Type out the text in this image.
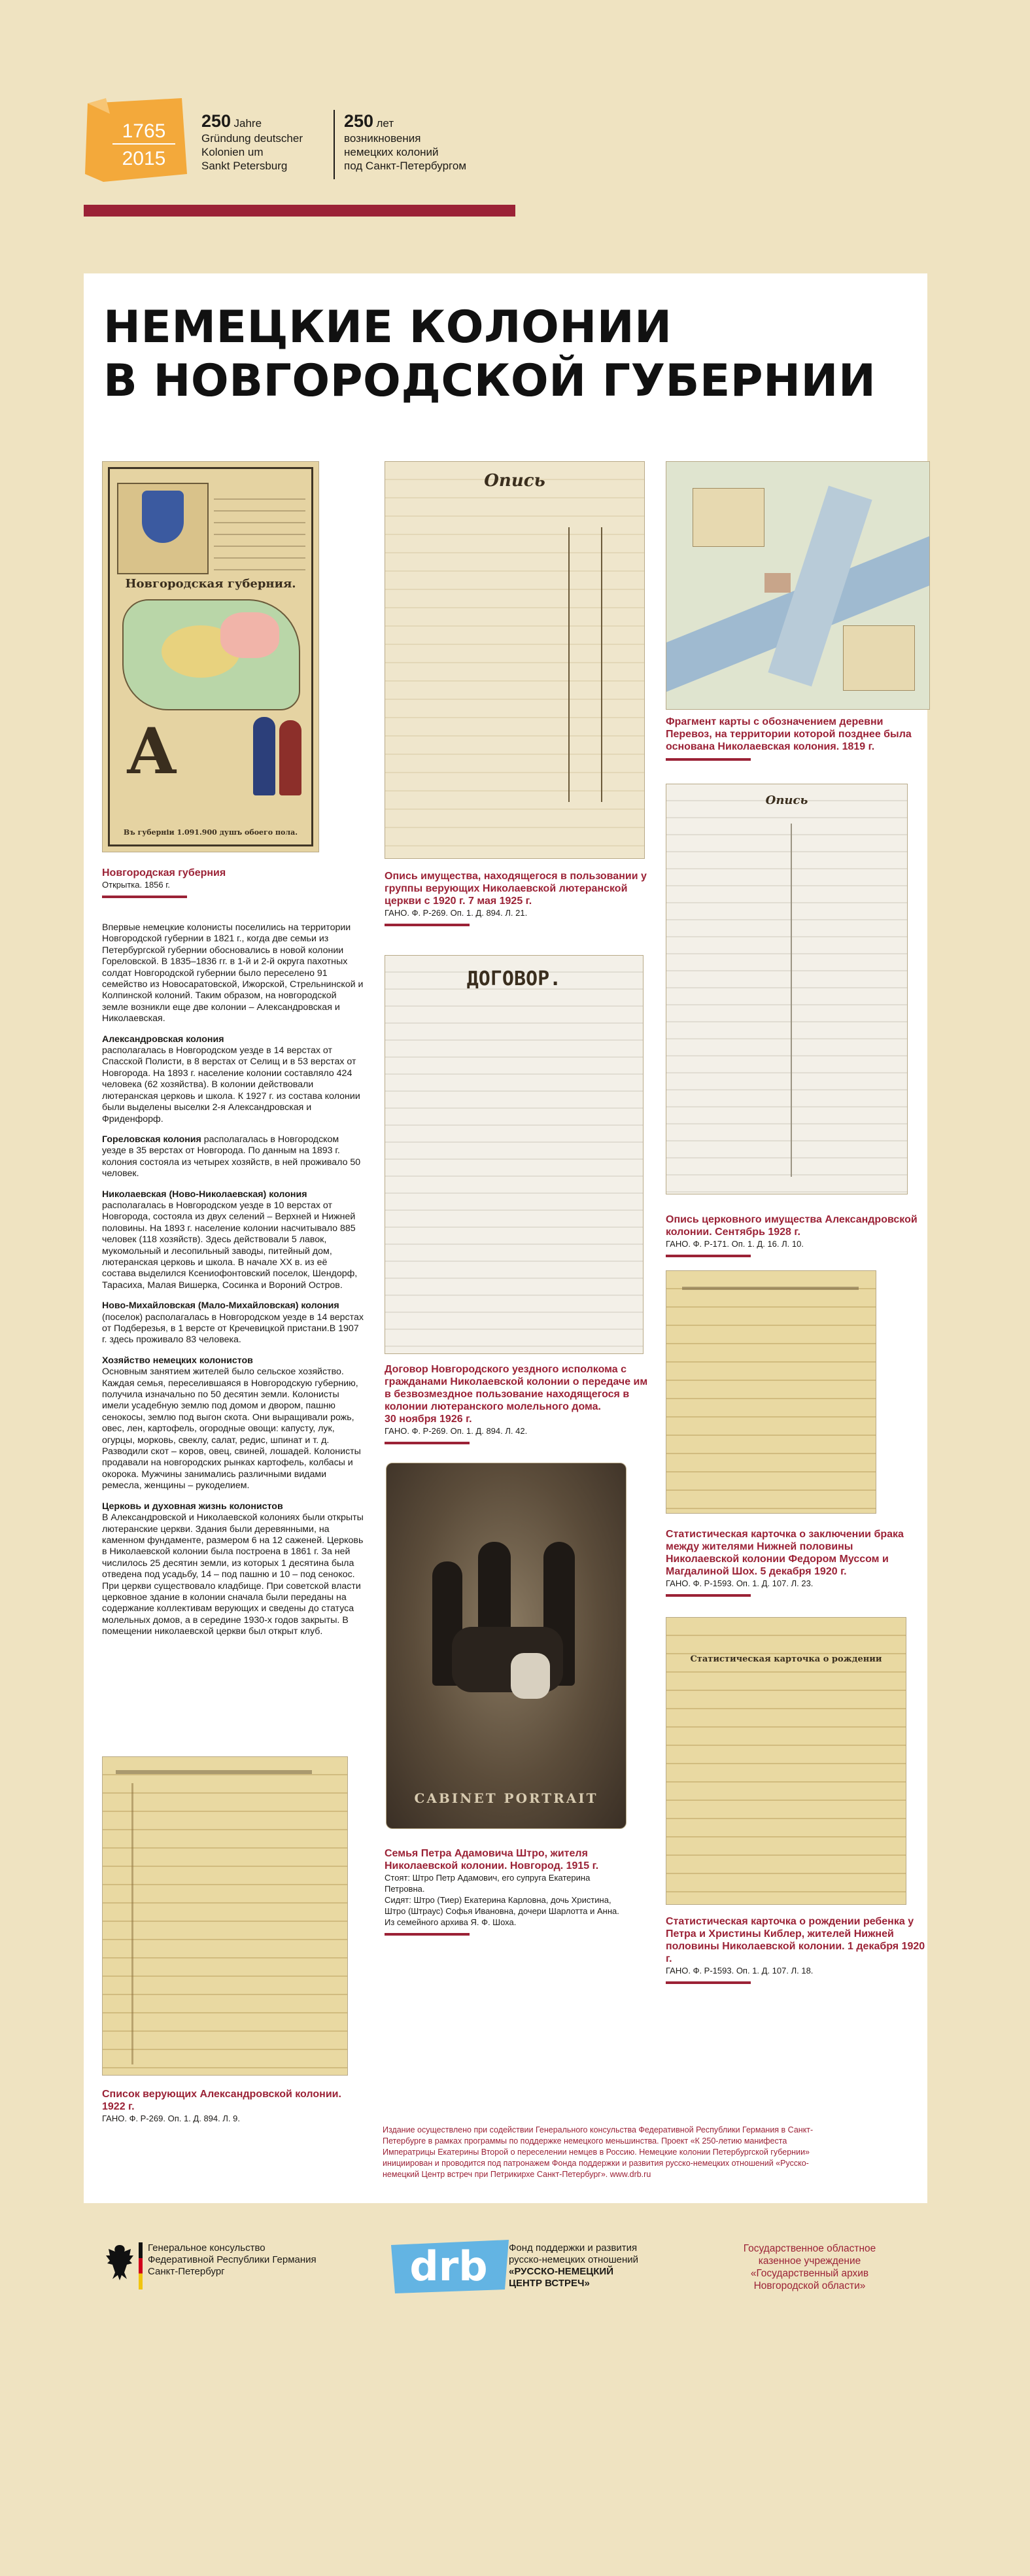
1765
2015
250 Jahre
Gründung deutscher
Kolonien um
Sankt Petersburg
250 лет
возникновения
немецких колоний
под Санкт-Петербургом
НЕМЕЦКИЕ КОЛОНИИ
В НОВГОРОДСКОЙ ГУБЕРНИИ
Новгородская губерния.
А
Въ губерніи 1.091.900 душъ обоего пола.
Новгородская губерния
Открытка. 1856 г.

Впервые немецкие колонисты поселились на территории Новгородской губернии в 1821 г., когда две семьи из Петербургской губернии обосновались в новой колонии Гореловской. В 1835–1836 гг. в 1-й и 2-й округа пахотных солдат Новгородской губернии было переселено 91 семейство из Новосаратовской, Ижорской, Стрельнинской и Колпинской колоний. Таким образом, на новгородской земле возникли еще две колонии – Александровская и Николаевская.

Александровская колония
располагалась в Новгородском уезде в 14 верстах от Спасской Полисти, в 8 верстах от Селищ и в 53 верстах от Новгорода. На 1893 г. население колонии составляло 424 человека (62 хозяйства). В колонии действовали лютеранская церковь и школа. К 1927 г. из состава колонии были выделены выселки 2-я Александровская и Фриденфорф.

Гореловская колония располагалась в Новгородском уезде в 35 верстах от Новгорода. По данным на 1893 г. колония состояла из четырех хозяйств, в ней проживало 50 человек.

Николаевская (Ново-Николаевская) колония
располагалась в Новгородском уезде в 10 верстах от Новгорода, состояла из двух селений – Верхней и Нижней половины. На 1893 г. население колонии насчитывало 885 человек (118 хозяйств). Здесь действовали 5 лавок, мукомольный и лесопильный заводы, питейный дом, лютеранская церковь и школа. В начале XX в. из её состава выделился Ксениофонтовский поселок, Шендорф, Тарасиха, Малая Вишерка, Сосинка и Вороний Остров.

Ново-Михайловская (Мало-Михайловская) колония (поселок) располагалась в Новгородском уезде в 14 верстах от Подберезья, в 1 версте от Кречевицкой пристани.В 1907 г. здесь проживало 83 человека.

Хозяйство немецких колонистов
Основным занятием жителей было сельское хозяйство. Каждая семья, переселившаяся в Новгородскую губернию, получила изначально по 50 десятин земли. Колонисты имели усадебную землю под домом и двором, пашню сенокосы, землю под выгон скота. Они выращивали рожь, овес, лен, картофель, огородные овощи: капусту, лук, огурцы, морковь, свеклу, салат, редис, шпинат и т. д. Разводили скот – коров, овец, свиней, лошадей. Колонисты продавали на новгородских рынках картофель, колбасы и окорока. Мужчины занимались различными видами ремесла, женщины – рукоделием.

Церковь и духовная жизнь колонистов
В Александровской и Николаевской колониях были открыты лютеранские церкви. Здания были деревянными, на каменном фундаменте, размером 6 на 12 саженей. Церковь в Николаевской колонии была построена в 1861 г. За ней числилось 25 десятин земли, из которых 1 десятина была отведена под усадьбу, 14 – под пашню и 10 – под сенокос. При церкви существовало кладбище. При советской власти церковное здание в колонии сначала были переданы на содержание коллективам верующих и сведены до статуса молельных домов, а в середине 1930-х годов закрыты. В помещении николаевской церкви был открыт клуб.

Список верующих Александровской колонии. 1922 г.
ГАНО. Ф. Р-269. Оп. 1. Д. 894. Л. 9.
Опись
Опись имущества, находящегося в пользовании у группы верующих Николаевской лютеранской церкви с 1920 г. 7 мая 1925 г.
ГАНО. Ф. Р-269. Оп. 1. Д. 894. Л. 21.
ДОГОВОР.
Договор Новгородского уездного исполкома с гражданами Николаевской колонии о передаче им в безвозмездное пользование находящегося в колонии лютеранского молельного дома.
30 ноября 1926 г.
ГАНО. Ф. Р-269. Оп. 1. Д. 894. Л. 42.
CABINET PORTRAIT
Семья Петра Адамовича Штро, жителя Николаевской колонии. Новгород. 1915 г.
Стоят: Штро Петр Адамович, его супруга Екатерина Петровна.
Сидят: Штро (Тиер) Екатерина Карловна, дочь Христина, Штро (Штраус) Софья Ивановна, дочери Шарлотта и Анна.
Из семейного архива Я. Ф. Шоха.
Фрагмент карты с обозначением деревни Перевоз, на территории которой позднее была основана Николаевская колония. 1819 г.
Опись
Опись церковного имущества Александровской колонии. Сентябрь 1928 г.
ГАНО. Ф. Р-171. Оп. 1. Д. 16. Л. 10.
Статистическая карточка о заключении брака между жителями Нижней половины Николаевской колонии Федором Муссом и Магдалиной Шох. 5 декабря 1920 г.
ГАНО. Ф. Р-1593. Оп. 1. Д. 107. Л. 23.
Статистическая карточка о рождении
Статистическая карточка о рождении ребенка у Петра и Христины Киблер, жителей Нижней половины Николаевской колонии. 1 декабря 1920 г.
ГАНО. Ф. Р-1593. Оп. 1. Д. 107. Л. 18.
Издание осуществлено при содействии Генерального консульства Федеративной Республики Германия в Санкт-Петербурге в рамках программы по поддержке немецкого меньшинства. Проект «К 250-летию манифеста Императрицы Екатерины Второй о переселении немцев в Россию. Немецкие колонии Петербургской губернии» инициирован и проводится под патронажем Фонда поддержки и развития русско-немецких отношений «Русско-немецкий Центр встреч при Петрикирхе Санкт-Петербург». www.drb.ru
Генеральное консульство
Федеративной Республики Германия
Санкт-Петербург	drb Фонд поддержки и развития
русско-немецких отношений
«РУССКО-НЕМЕЦКИЙ
ЦЕНТР ВСТРЕЧ»
Государственное областное
казенное учреждение
«Государственный архив
Новгородской области»
